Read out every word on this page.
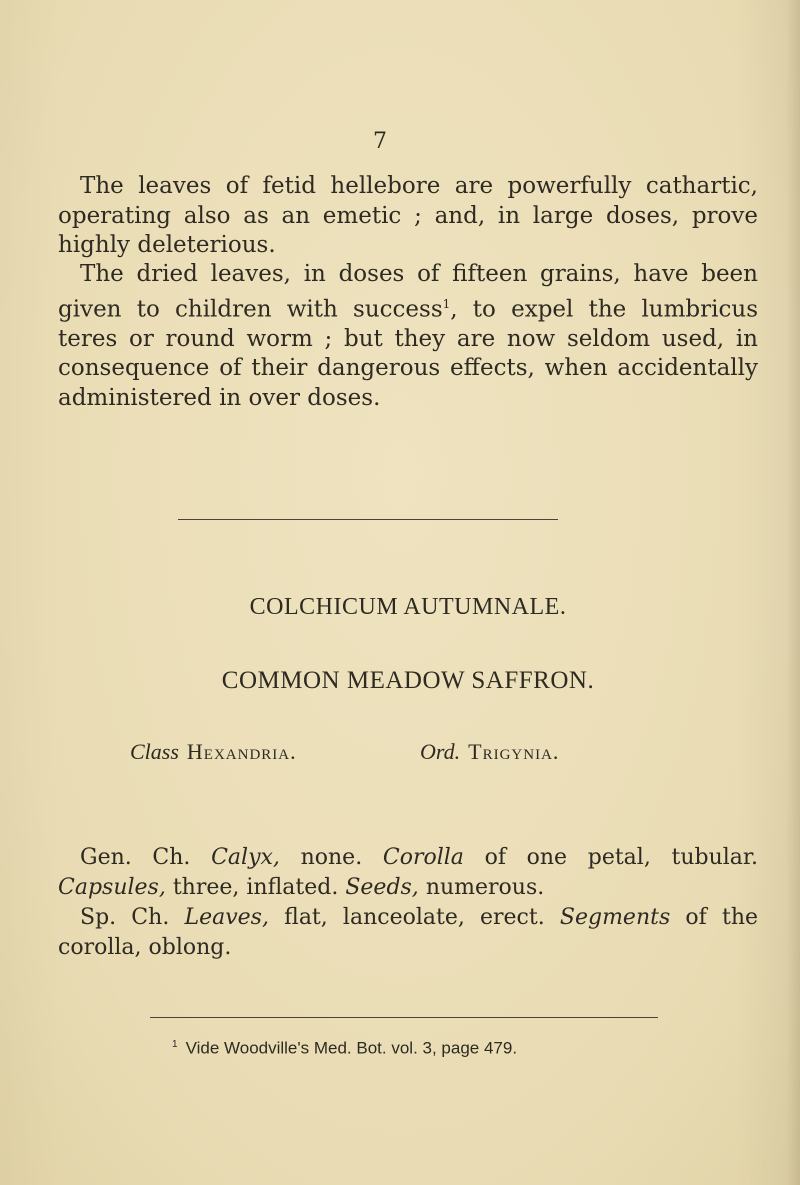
7

The leaves of fetid hellebore are powerfully cathartic, operating also as an emetic ; and, in large doses, prove highly deleterious.

The dried leaves, in doses of fifteen grains, have been given to children with success$^1$, to expel the lumbricus teres or round worm ; but they are now seldom used, in consequence of their dangerous effects, when accidentally administered in over doses.

COLCHICUM AUTUMNALE.
COMMON MEADOW SAFFRON.
Class Hexandria.	Ord. Trigynia.

Gen. Ch. Calyx, none. Corolla of one petal, tubular. Capsules, three, inflated. Seeds, numerous.
Sp. Ch. Leaves, flat, lanceolate, erect. Segments of the corolla, oblong.

$^1$ Vide Woodville's Med. Bot. vol. 3, page 479.
